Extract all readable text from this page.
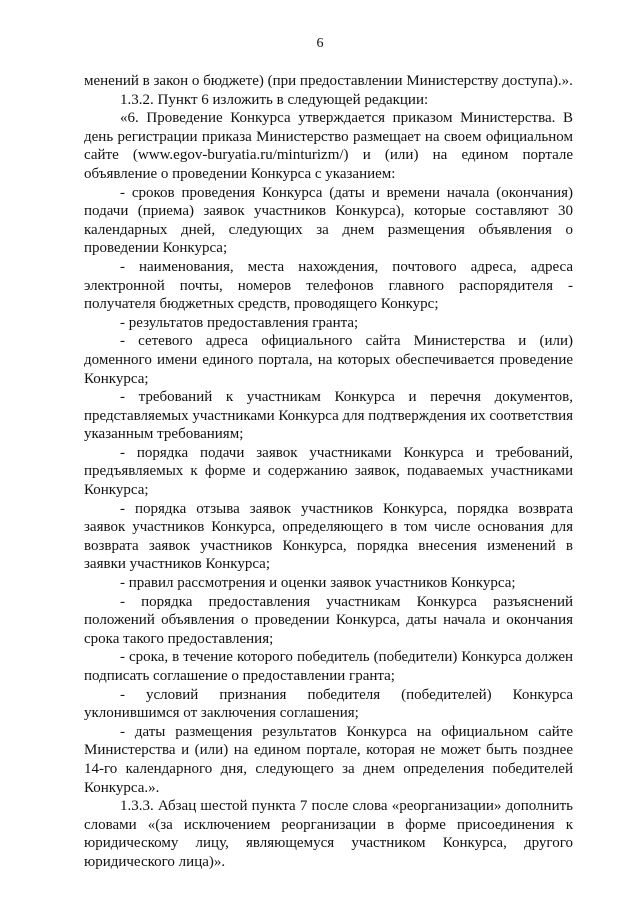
6

менений в закон о бюджете) (при предоставлении Министерству доступа).».

1.3.2. Пункт 6 изложить в следующей редакции:

«6. Проведение Конкурса утверждается приказом Министерства. В день регистрации приказа Министерство размещает на своем официальном сайте (www.egov-buryatia.ru/minturizm/) и (или) на едином портале объявление о проведении Конкурса с указанием:

- сроков проведения Конкурса (даты и времени начала (окончания) подачи (приема) заявок участников Конкурса), которые составляют 30 календарных дней, следующих за днем размещения объявления о проведении Конкурса;

- наименования, места нахождения, почтового адреса, адреса электронной почты, номеров телефонов главного распорядителя - получателя бюджетных средств, проводящего Конкурс;

- результатов предоставления гранта;

- сетевого адреса официального сайта Министерства и (или) доменного имени единого портала, на которых обеспечивается проведение Конкурса;

- требований к участникам Конкурса и перечня документов, представляемых участниками Конкурса для подтверждения их соответствия указанным требованиям;

- порядка подачи заявок участниками Конкурса и требований, предъявляемых к форме и содержанию заявок, подаваемых участниками Конкурса;

- порядка отзыва заявок участников Конкурса, порядка возврата заявок участников Конкурса, определяющего в том числе основания для возврата заявок участников Конкурса, порядка внесения изменений в заявки участников Конкурса;

- правил рассмотрения и оценки заявок участников Конкурса;

- порядка предоставления участникам Конкурса разъяснений положений объявления о проведении Конкурса, даты начала и окончания срока такого предоставления;

- срока, в течение которого победитель (победители) Конкурса должен подписать соглашение о предоставлении гранта;

- условий признания победителя (победителей) Конкурса уклонившимся от заключения соглашения;

- даты размещения результатов Конкурса на официальном сайте Министерства и (или) на едином портале, которая не может быть позднее 14-го календарного дня, следующего за днем определения победителей Конкурса.».

1.3.3. Абзац шестой пункта 7 после слова «реорганизации» дополнить словами «(за исключением реорганизации в форме присоединения к юридическому лицу, являющемуся участником Конкурса, другого юридического лица)».
